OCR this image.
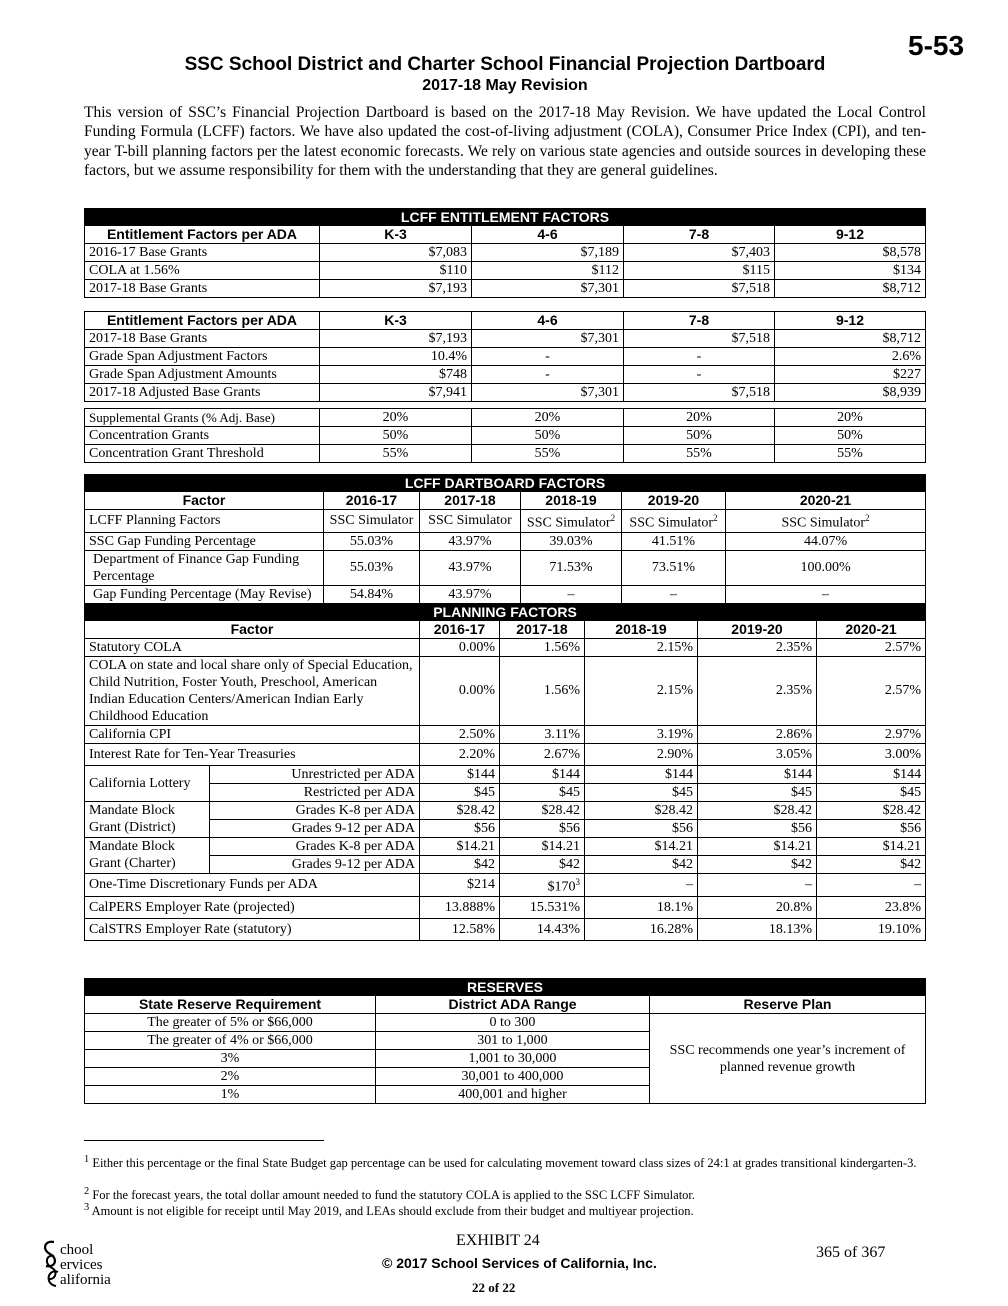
5-53
SSC School District and Charter School Financial Projection Dartboard
2017-18 May Revision

This version of SSC’s Financial Projection Dartboard is based on the 2017-18 May Revision. We have updated the Local Control Funding Formula (LCFF) factors. We have also updated the cost-of-living adjustment (COLA), Consumer Price Index (CPI), and ten-year T-bill planning factors per the latest economic forecasts. We rely on various state agencies and outside sources in developing these factors, but we assume responsibility for them with the understanding that they are general guidelines.

LCFF ENTITLEMENT FACTORS				
Entitlement Factors per ADA	K-3	4-6	7-8	9-12
2016-17 Base Grants	$7,083	$7,189	$7,403	$8,578
COLA at 1.56%	$110	$112	$115	$134
2017-18 Base Grants	$7,193	$7,301	$7,518	$8,712
Entitlement Factors per ADA	K-3	4-6	7-8	9-12
2017-18 Base Grants	$7,193	$7,301	$7,518	$8,712
Grade Span Adjustment Factors	10.4%	-	-	2.6%
Grade Span Adjustment Amounts	$748	-	-	$227
2017-18 Adjusted Base Grants	$7,941	$7,301	$7,518	$8,939

Supplemental Grants (% Adj. Base)	20%	20%	20%	20%
Concentration Grants	50%	50%	50%	50%
Concentration Grant Threshold	55%	55%	55%	55%
LCFF DARTBOARD FACTORS										
Factor		2016-17	2017-18		2018-19		2019-20		2020-21	
LCFF Planning Factors		SSC Simulator	SSC Simulator		SSC Simulator$^2$		SSC Simulator$^2$		SSC Simulator$^2$
SSC Gap Funding Percentage		55.03%	43.97%		39.03%		41.51%		44.07%	
Department of Finance Gap Funding Percentage		55.03%	43.97%		71.53%		73.51%		100.00%	
Gap Funding Percentage (May Revise)		54.84%	43.97%		–		–		–	
PLANNING FACTORS										
Factor			2016-17	2017-18		2018-19		2019-20		2020-21
Statutory COLA			0.00%	1.56%		2.15%		2.35%		2.57%
COLA on state and local share only of Special Education, Child Nutrition, Foster Youth, Preschool, American Indian Education Centers/American Indian Early Childhood Education			0.00%	1.56%		2.15%		2.35%		2.57%
California CPI			2.50%	3.11%		3.19%		2.86%		2.97%
Interest Rate for Ten-Year Treasuries			2.20%	2.67%		2.90%		3.05%		3.00%
California Lottery	Unrestricted per ADA		$144	$144		$144		$144		$144
	Restricted per ADA		$45	$45		$45		$45		$45
Mandate Block Grant (District)	Grades K-8 per ADA		$28.42	$28.42		$28.42		$28.42		$28.42
	Grades 9-12 per ADA		$56	$56		$56		$56		$56
Mandate Block Grant (Charter)	Grades K-8 per ADA		$14.21	$14.21		$14.21		$14.21		$14.21
	Grades 9-12 per ADA		$42	$42		$42		$42		$42
One-Time Discretionary Funds per ADA			$214	$\$170^3$		–		–		–
CalPERS Employer Rate (projected)			13.888%	15.531%		18.1%		20.8%		23.8%
CalSTRS Employer Rate (statutory)			12.58%	14.43%		16.28%		18.13%		19.10%
RESERVES		
State Reserve Requirement	District ADA Range	Reserve Plan
The greater of 5% or $66,000	0 to 300	SSC recommends one year’s increment of planned revenue growth
The greater of 4% or $66,000	301 to 1,000	
3%	1,001 to 30,000	
2%	30,001 to 400,000	
1%	400,001 and higher	
$^1$ Either this percentage or the final State Budget gap percentage can be used for calculating movement toward class sizes of 24:1 at grades transitional kindergarten-3.
$^2$ For the forecast years, the total dollar amount needed to fund the statutory COLA is applied to the SSC LCFF Simulator.
$^3$ Amount is not eligible for receipt until May 2019, and LEAs should exclude from their budget and multiyear projection.
chool
ervices
alifornia
EXHIBIT 24
© 2017 School Services of California, Inc.
365 of 367
22 of 22
